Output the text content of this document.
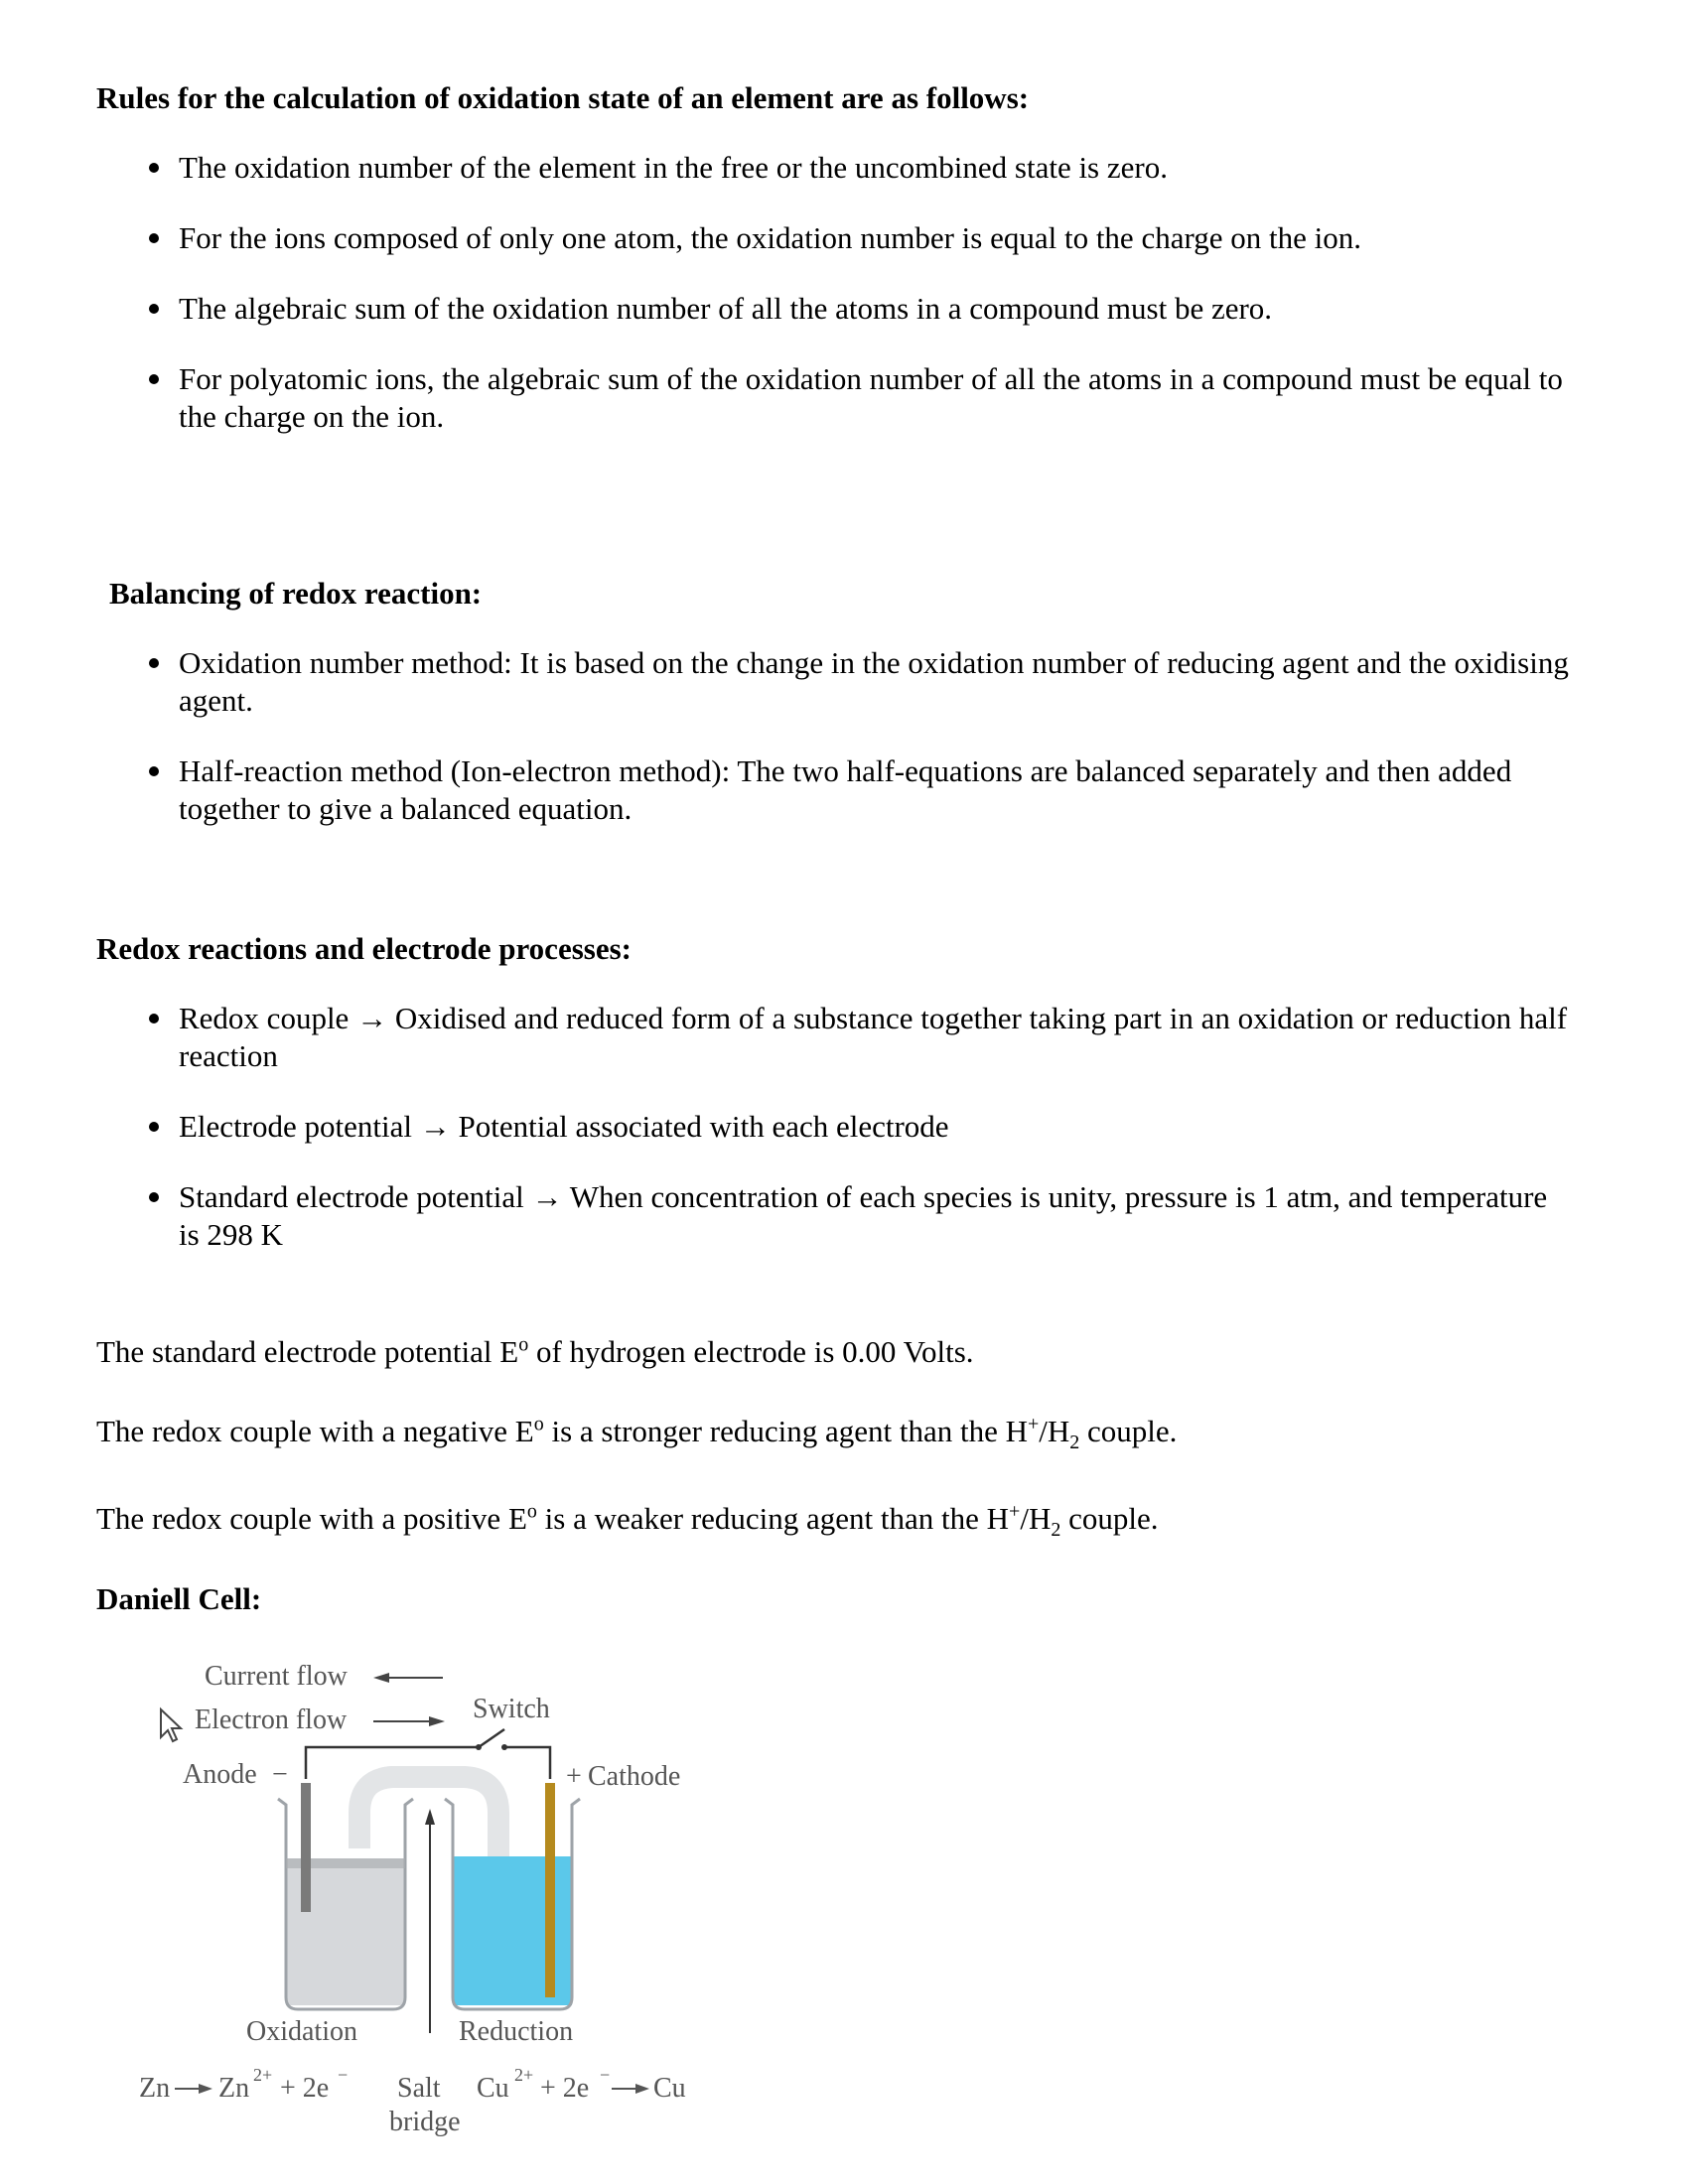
Rules for the calculation of oxidation state of an element are as follows:
The oxidation number of the element in the free or the uncombined state is zero.
For the ions composed of only one atom, the oxidation number is equal to the charge on the ion.
The algebraic sum of the oxidation number of all the atoms in a compound must be zero.
For polyatomic ions, the algebraic sum of the oxidation number of all the atoms in a compound must be equal to the charge on the ion.
Balancing of redox reaction:
Oxidation number method: It is based on the change in the oxidation number of reducing agent and the oxidising agent.
Half-reaction method (Ion-electron method): The two half-equations are balanced separately and then added together to give a balanced equation.
Redox reactions and electrode processes:
Redox couple → Oxidised and reduced form of a substance together taking part in an oxidation or reduction half reaction
Electrode potential → Potential associated with each electrode
Standard electrode potential → When concentration of each species is unity, pressure is 1 atm, and temperature is 298 K
The standard electrode potential $E^o$ of hydrogen electrode is 0.00 Volts.
The redox couple with a negative $E^o$ is a stronger reducing agent than the $H^+/H_2$ couple.
The redox couple with a positive $E^o$ is a weaker reducing agent than the $H^+/H_2$ couple.
Daniell Cell:
Current flow
Electron flow	Switch
Anode −	+ Cathode
Oxidation	Reduction
Zn Zn 2+ + 2e − Salt
bridge
Cu 2+ + 2e − Cu
